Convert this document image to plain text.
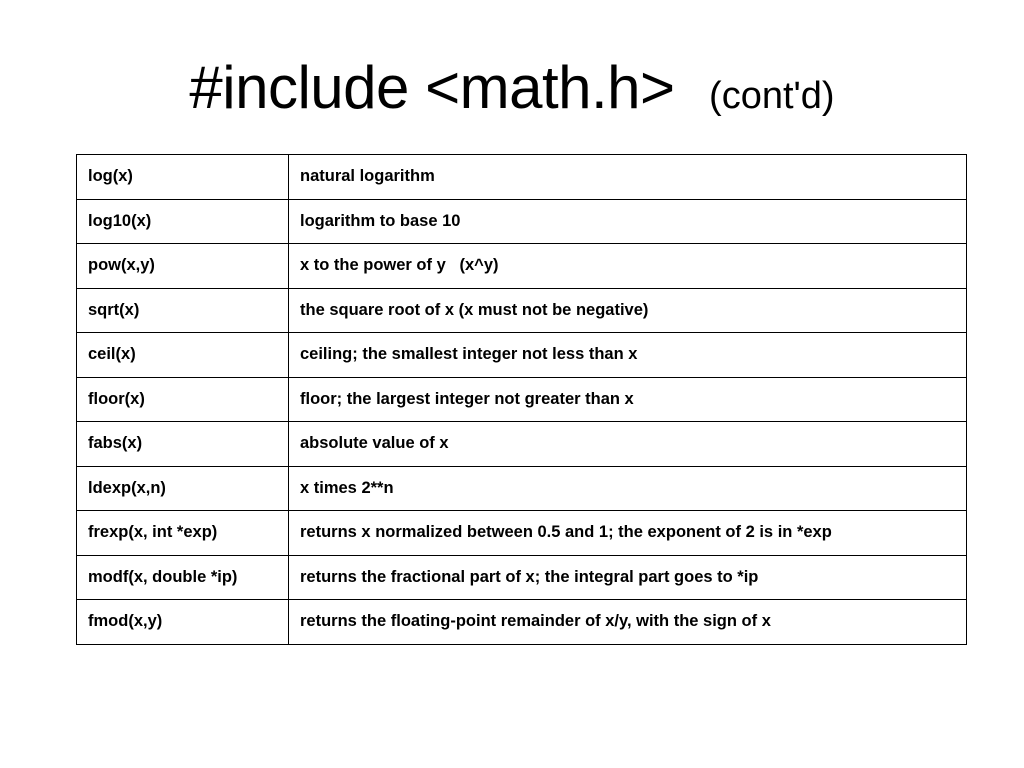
#include <math.h> (cont'd)
log(x)	natural logarithm
log10(x)	logarithm to base 10
pow(x,y)	x to the power of y   (x^y)
sqrt(x)	the square root of x (x must not be negative)
ceil(x)	ceiling; the smallest integer not less than x
floor(x)	floor; the largest integer not greater than x
fabs(x)	absolute value of x
ldexp(x,n)	x times 2**n
frexp(x, int *exp)	returns x normalized between 0.5 and 1; the exponent of 2 is in *exp
modf(x, double *ip)	returns the fractional part of x; the integral part goes to *ip
fmod(x,y)	returns the floating-point remainder of x/y, with the sign of x
